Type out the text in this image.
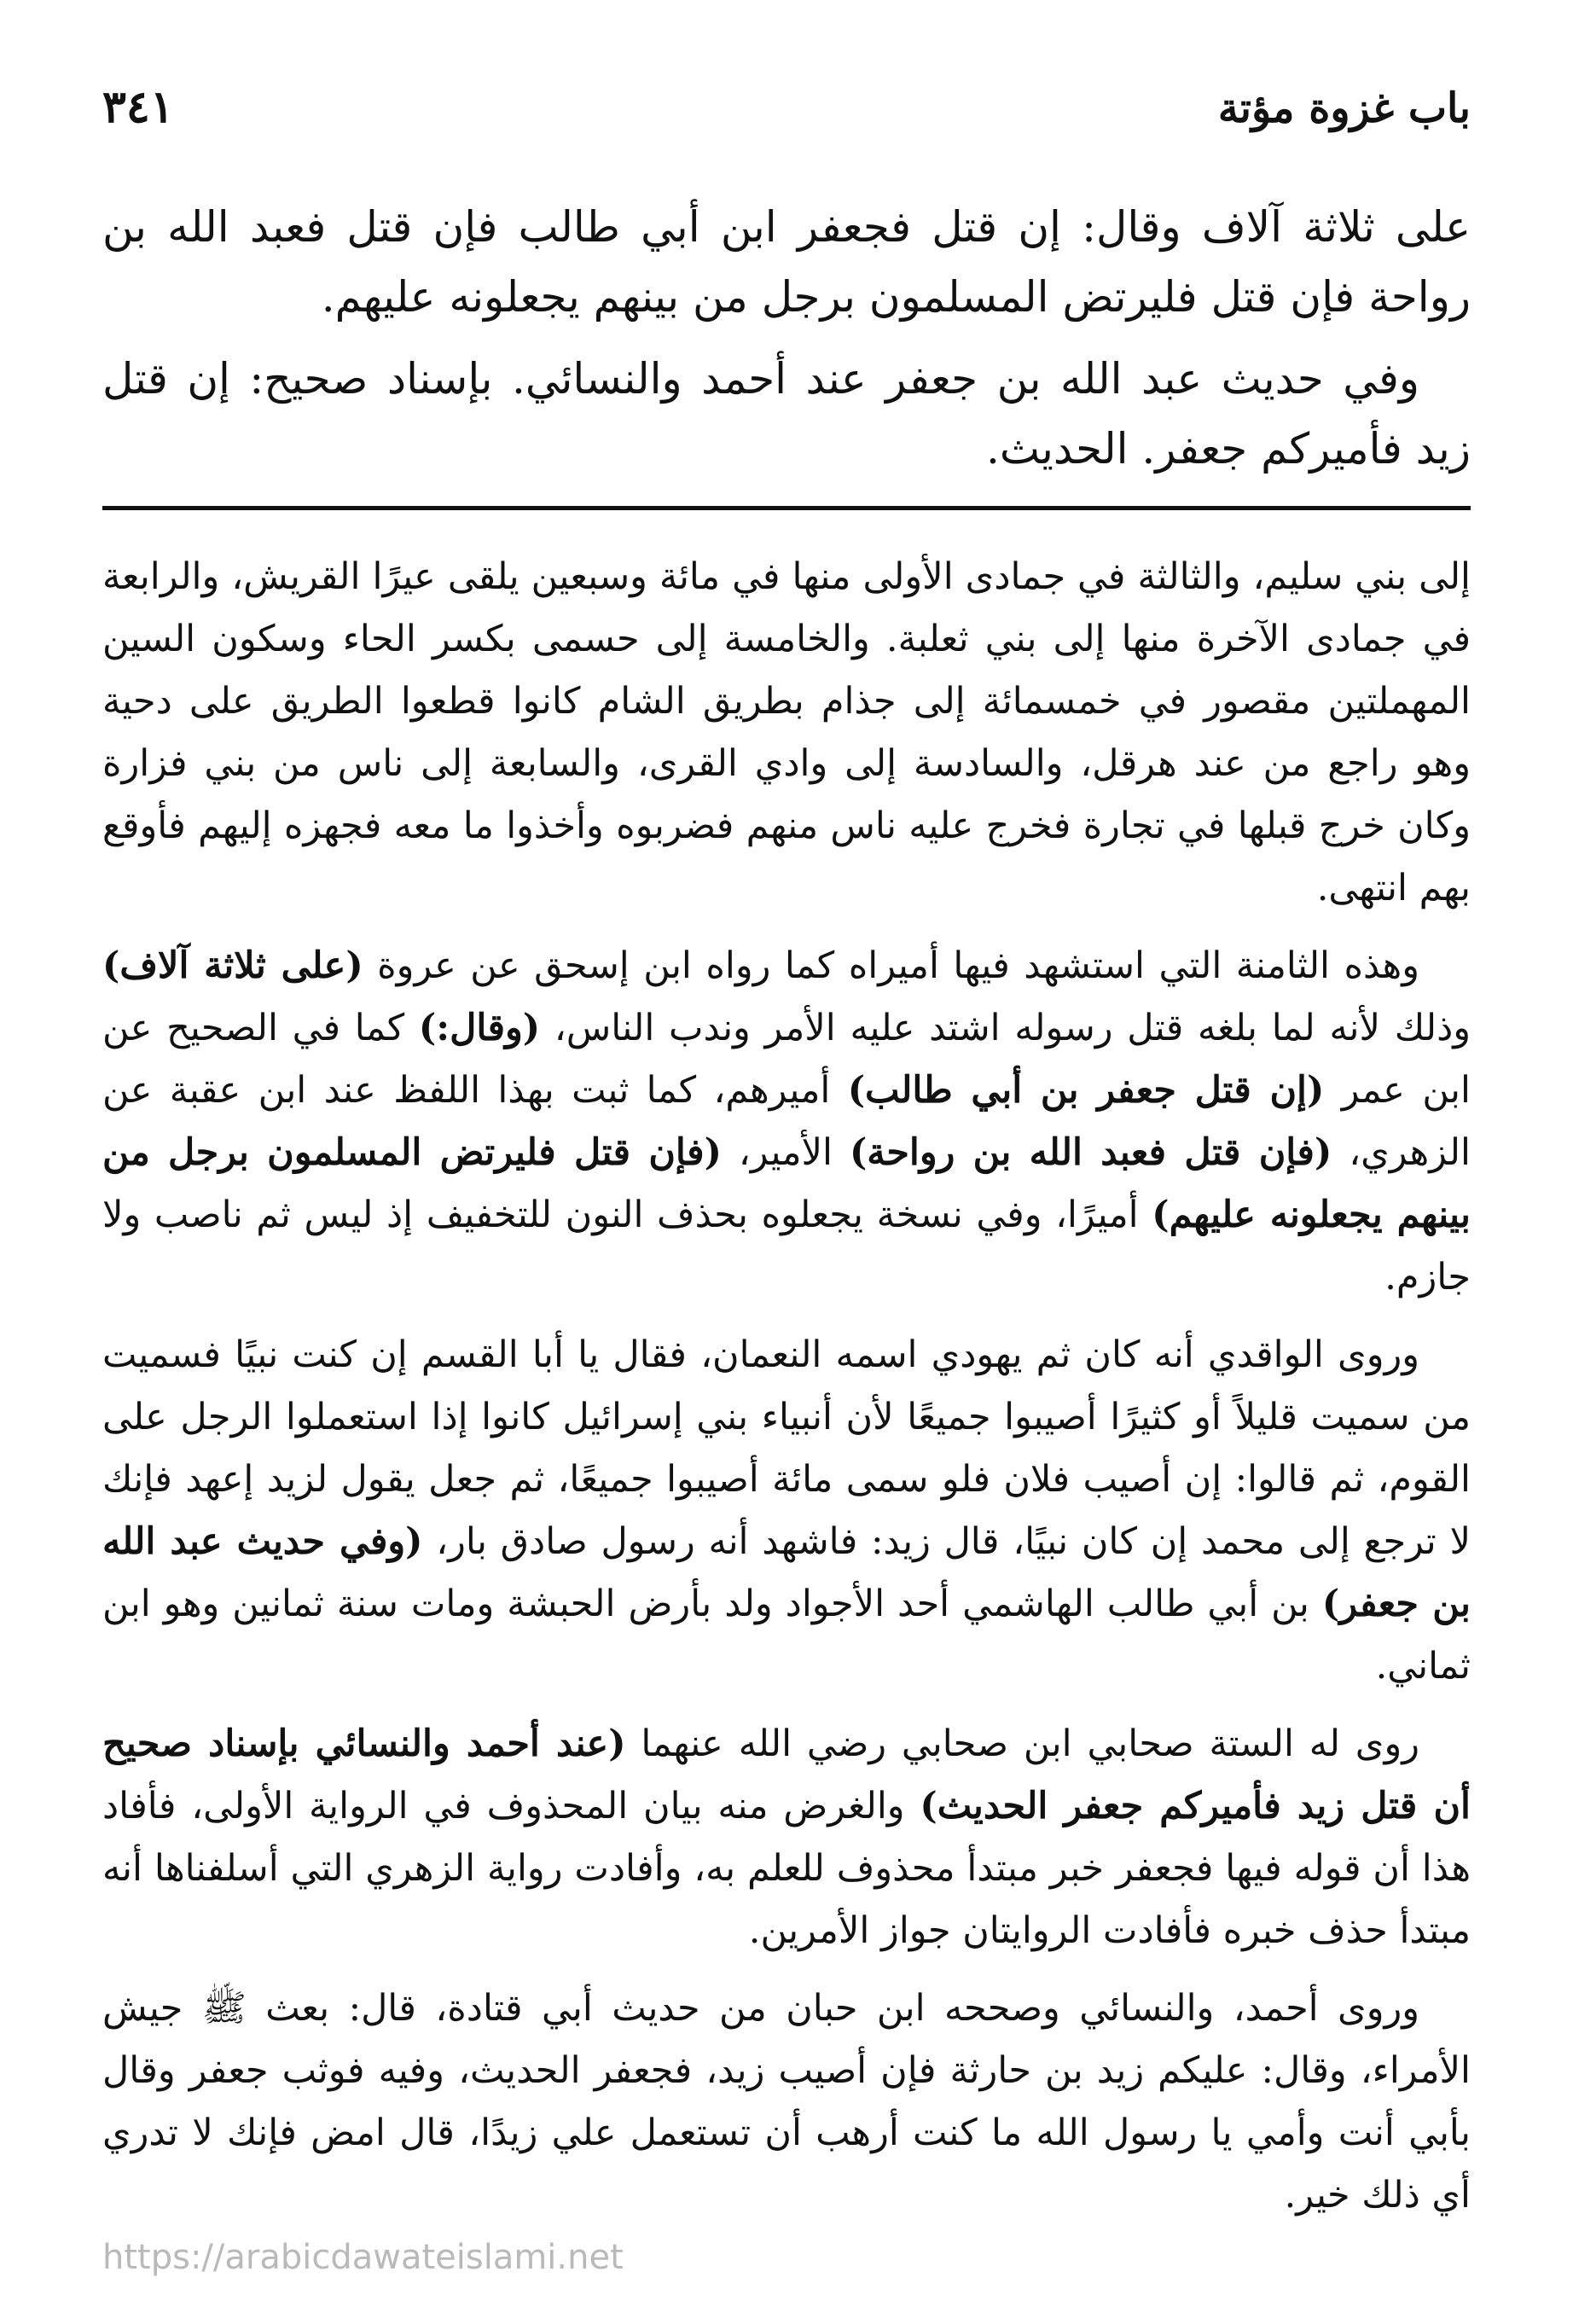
باب غزوة مؤتة
٣٤١

على ثلاثة آلاف وقال: إن قتل فجعفر ابن أبي طالب فإن قتل فعبد الله بن رواحة فإن قتل فليرتض المسلمون برجل من بينهم يجعلونه عليهم.

وفي حديث عبد الله بن جعفر عند أحمد والنسائي. بإسناد صحيح: إن قتل زيد فأميركم جعفر. الحديث.

إلى بني سليم، والثالثة في جمادى الأولى منها في مائة وسبعين يلقى عيرًا القريش، والرابعة في جمادى الآخرة منها إلى بني ثعلبة. والخامسة إلى حسمى بكسر الحاء وسكون السين المهملتين مقصور في خمسمائة إلى جذام بطريق الشام كانوا قطعوا الطريق على دحية وهو راجع من عند هرقل، والسادسة إلى وادي القرى، والسابعة إلى ناس من بني فزارة وكان خرج قبلها في تجارة فخرج عليه ناس منهم فضربوه وأخذوا ما معه فجهزه إليهم فأوقع بهم انتهى.

وهذه الثامنة التي استشهد فيها أميراه كما رواه ابن إسحق عن عروة (على ثلاثة آلاف) وذلك لأنه لما بلغه قتل رسوله اشتد عليه الأمر وندب الناس، (وقال:) كما في الصحيح عن ابن عمر (إن قتل جعفر بن أبي طالب) أميرهم، كما ثبت بهذا اللفظ عند ابن عقبة عن الزهري، (فإن قتل فعبد الله بن رواحة) الأمير، (فإن قتل فليرتض المسلمون برجل من بينهم يجعلونه عليهم) أميرًا، وفي نسخة يجعلوه بحذف النون للتخفيف إذ ليس ثم ناصب ولا جازم.

وروى الواقدي أنه كان ثم يهودي اسمه النعمان، فقال يا أبا القسم إن كنت نبيًا فسميت من سميت قليلاً أو كثيرًا أصيبوا جميعًا لأن أنبياء بني إسرائيل كانوا إذا استعملوا الرجل على القوم، ثم قالوا: إن أصيب فلان فلو سمى مائة أصيبوا جميعًا، ثم جعل يقول لزيد إعهد فإنك لا ترجع إلى محمد إن كان نبيًا، قال زيد: فاشهد أنه رسول صادق بار، (وفي حديث عبد الله بن جعفر) بن أبي طالب الهاشمي أحد الأجواد ولد بأرض الحبشة ومات سنة ثمانين وهو ابن ثماني.

روى له الستة صحابي ابن صحابي رضي الله عنهما (عند أحمد والنسائي بإسناد صحيح أن قتل زيد فأميركم جعفر الحديث) والغرض منه بيان المحذوف في الرواية الأولى، فأفاد هذا أن قوله فيها فجعفر خبر مبتدأ محذوف للعلم به، وأفادت رواية الزهري التي أسلفناها أنه مبتدأ حذف خبره فأفادت الروايتان جواز الأمرين.

وروى أحمد، والنسائي وصححه ابن حبان من حديث أبي قتادة، قال: بعث ﷺ جيش الأمراء، وقال: عليكم زيد بن حارثة فإن أصيب زيد، فجعفر الحديث، وفيه فوثب جعفر وقال بأبي أنت وأمي يا رسول الله ما كنت أرهب أن تستعمل علي زيدًا، قال امض فإنك لا تدري أي ذلك خير.

https://arabicdawateislami.net
